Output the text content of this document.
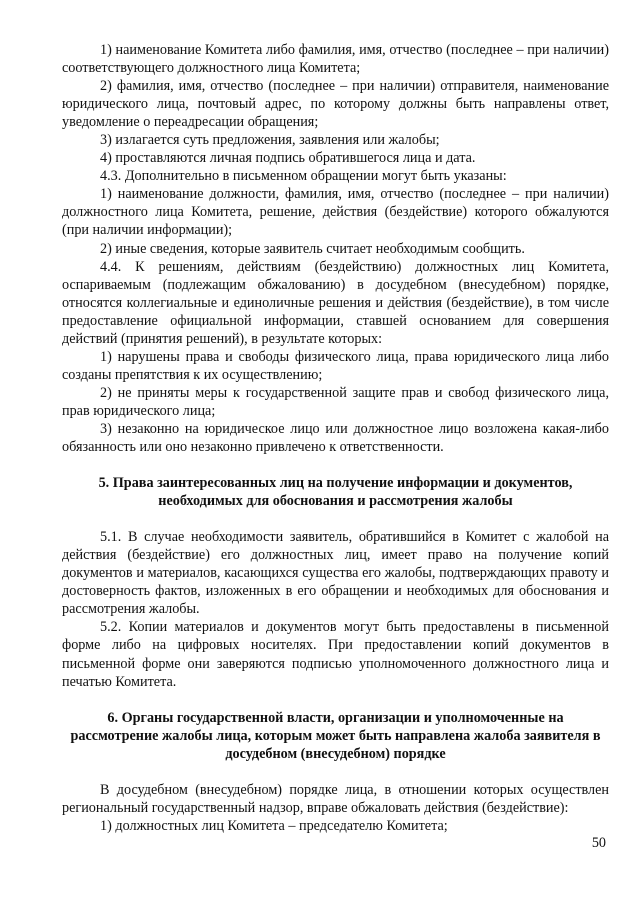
1) наименование Комитета либо фамилия, имя, отчество (последнее – при наличии) соответствующего должностного лица Комитета;

2) фамилия, имя, отчество (последнее – при наличии) отправителя, наименование юридического лица, почтовый адрес, по которому должны быть направлены ответ, уведомление о переадресации обращения;

3) излагается суть предложения, заявления или жалобы;

4) проставляются личная подпись обратившегося лица и дата.

4.3. Дополнительно в письменном обращении могут быть указаны:

1) наименование должности, фамилия, имя, отчество (последнее – при наличии) должностного лица Комитета, решение, действия (бездействие) которого обжалуются (при наличии информации);

2) иные сведения, которые заявитель считает необходимым сообщить.

4.4. К решениям, действиям (бездействию) должностных лиц Комитета, оспариваемым (подлежащим обжалованию) в досудебном (внесудебном) порядке, относятся коллегиальные и единоличные решения и действия (бездействие), в том числе предоставление официальной информации, ставшей основанием для совершения действий (принятия решений), в результате которых:

1) нарушены права и свободы физического лица, права юридического лица либо созданы препятствия к их осуществлению;

2) не приняты меры к государственной защите прав и свобод физического лица, прав юридического лица;

3) незаконно на юридическое лицо или должностное лицо возложена какая-либо обязанность или оно незаконно привлечено к ответственности.

5. Права заинтересованных лиц на получение информации и документов, необходимых для обоснования и рассмотрения жалобы

5.1. В случае необходимости заявитель, обратившийся в Комитет с жалобой на действия (бездействие) его должностных лиц, имеет право на получение копий документов и материалов, касающихся существа его жалобы, подтверждающих правоту и достоверность фактов, изложенных в его обращении и необходимых для обоснования и рассмотрения жалобы.

5.2. Копии материалов и документов могут быть предоставлены в письменной форме либо на цифровых носителях. При предоставлении копий документов в письменной форме они заверяются подписью уполномоченного должностного лица и печатью Комитета.

6. Органы государственной власти, организации и уполномоченные на рассмотрение жалобы лица, которым может быть направлена жалоба заявителя в досудебном (внесудебном) порядке

В досудебном (внесудебном) порядке лица, в отношении которых осуществлен региональный государственный надзор, вправе обжаловать действия (бездействие):

1) должностных лиц Комитета – председателю Комитета;

50
